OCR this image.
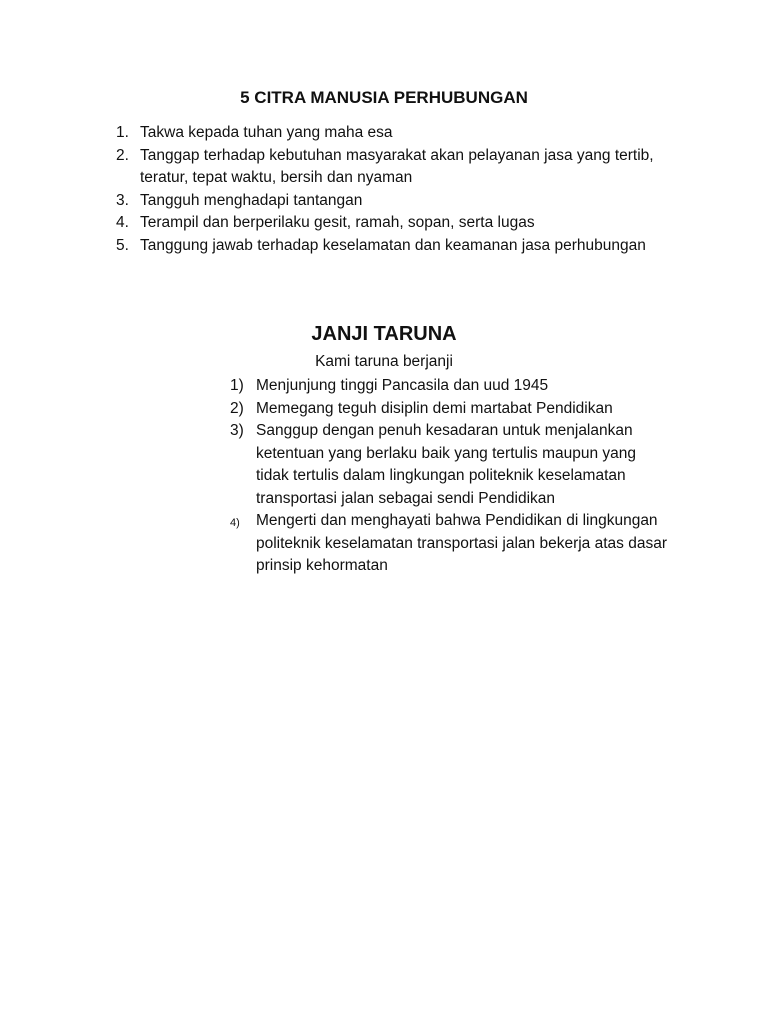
5 CITRA MANUSIA PERHUBUNGAN
1. Takwa kepada tuhan yang maha esa
2. Tanggap terhadap kebutuhan masyarakat akan pelayanan jasa yang tertib, teratur, tepat waktu, bersih dan nyaman
3. Tangguh menghadapi tantangan
4. Terampil dan berperilaku gesit, ramah, sopan, serta lugas
5. Tanggung jawab terhadap keselamatan dan keamanan jasa perhubungan
JANJI TARUNA
Kami taruna berjanji
1) Menjunjung tinggi Pancasila dan uud 1945
2) Memegang teguh disiplin demi martabat Pendidikan
3) Sanggup dengan penuh kesadaran untuk menjalankan ketentuan yang berlaku baik yang tertulis maupun yang tidak tertulis dalam lingkungan politeknik keselamatan transportasi jalan sebagai sendi Pendidikan
4)	Mengerti dan menghayati bahwa Pendidikan di lingkungan politeknik keselamatan transportasi jalan bekerja atas dasar prinsip kehormatan
